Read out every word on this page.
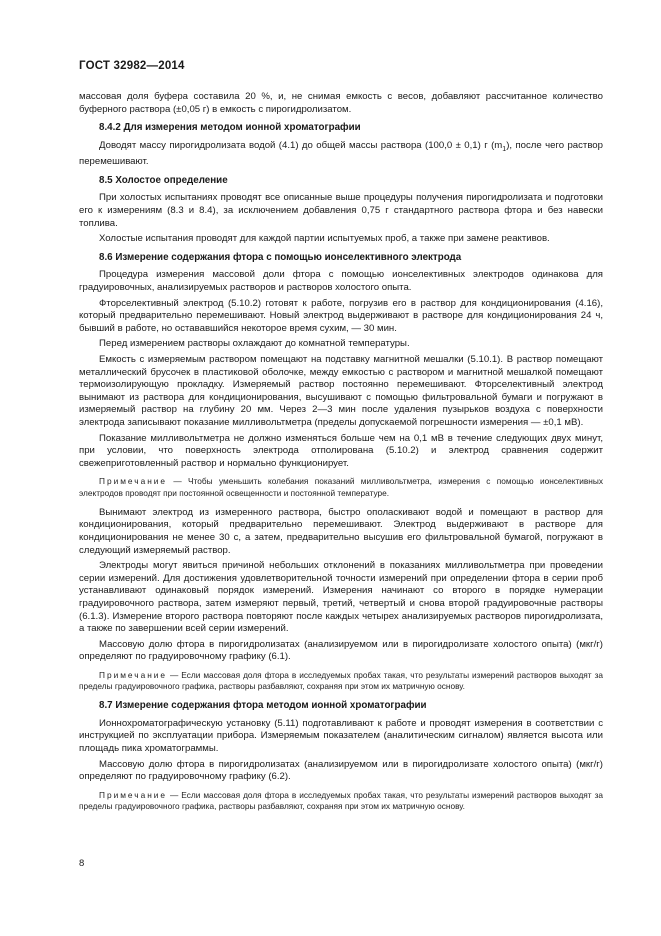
ГОСТ 32982—2014

массовая доля буфера составила 20 %, и, не снимая емкость с весов, добавляют рассчитанное количество буферного раствора (±0,05 г) в емкость с пирогидролизатом.

8.4.2 Для измерения методом ионной хроматографии

Доводят массу пирогидролизата водой (4.1) до общей массы раствора (100,0 ± 0,1) г $(m_1)$, после чего раствор перемешивают.

8.5 Холостое определение

При холостых испытаниях проводят все описанные выше процедуры получения пирогидролизата и подготовки его к измерениям (8.3 и 8.4), за исключением добавления 0,75 г стандартного раствора фтора и без навески топлива.

Холостые испытания проводят для каждой партии испытуемых проб, а также при замене реактивов.

8.6 Измерение содержания фтора с помощью ионселективного электрода

Процедура измерения массовой доли фтора с помощью ионселективных электродов одинакова для градуировочных, анализируемых растворов и растворов холостого опыта.

Фторселективный электрод (5.10.2) готовят к работе, погрузив его в раствор для кондиционирования (4.16), который предварительно перемешивают. Новый электрод выдерживают в растворе для кондиционирования 24 ч, бывший в работе, но остававшийся некоторое время сухим, — 30 мин.

Перед измерением растворы охлаждают до комнатной температуры.

Емкость с измеряемым раствором помещают на подставку магнитной мешалки (5.10.1). В раствор помещают металлический брусочек в пластиковой оболочке, между емкостью с раствором и магнитной мешалкой помещают термоизолирующую прокладку. Измеряемый раствор постоянно перемешивают. Фторселективный электрод вынимают из раствора для кондиционирования, высушивают с помощью фильтровальной бумаги и погружают в измеряемый раствор на глубину 20 мм. Через 2—3 мин после удаления пузырьков воздуха с поверхности электрода записывают показание милливольтметра (пределы допускаемой погрешности измерения — ±0,1 мВ).

Показание милливольтметра не должно изменяться больше чем на 0,1 мВ в течение следующих двух минут, при условии, что поверхность электрода отполирована (5.10.2) и электрод сравнения содержит свежеприготовленный раствор и нормально функционирует.

Примечание — Чтобы уменьшить колебания показаний милливольтметра, измерения с помощью ионселективных электродов проводят при постоянной освещенности и постоянной температуре.

Вынимают электрод из измеренного раствора, быстро ополаскивают водой и помещают в раствор для кондиционирования, который предварительно перемешивают. Электрод выдерживают в растворе для кондиционирования не менее 30 с, а затем, предварительно высушив его фильтровальной бумагой, погружают в следующий измеряемый раствор.

Электроды могут явиться причиной небольших отклонений в показаниях милливольтметра при проведении серии измерений. Для достижения удовлетворительной точности измерений при определении фтора в серии проб устанавливают одинаковый порядок измерений. Измерения начинают со второго в порядке нумерации градуировочного раствора, затем измеряют первый, третий, четвертый и снова второй градуировочные растворы (6.1.3). Измерение второго раствора повторяют после каждых четырех анализируемых растворов пирогидролизата, а также по завершении всей серии измерений.

Массовую долю фтора в пирогидролизатах (анализируемом или в пирогидролизате холостого опыта) (мкг/г) определяют по градуировочному графику (6.1).

Примечание — Если массовая доля фтора в исследуемых пробах такая, что результаты измерений растворов выходят за пределы градуировочного графика, растворы разбавляют, сохраняя при этом их матричную основу.

8.7 Измерение содержания фтора методом ионной хроматографии

Ионнохроматографическую установку (5.11) подготавливают к работе и проводят измерения в соответствии с инструкцией по эксплуатации прибора. Измеряемым показателем (аналитическим сигналом) является высота или площадь пика хроматограммы.

Массовую долю фтора в пирогидролизатах (анализируемом или в пирогидролизате холостого опыта) (мкг/г) определяют по градуировочному графику (6.2).

Примечание — Если массовая доля фтора в исследуемых пробах такая, что результаты измерений растворов выходят за пределы градуировочного графика, растворы разбавляют, сохраняя при этом их матричную основу.

8
